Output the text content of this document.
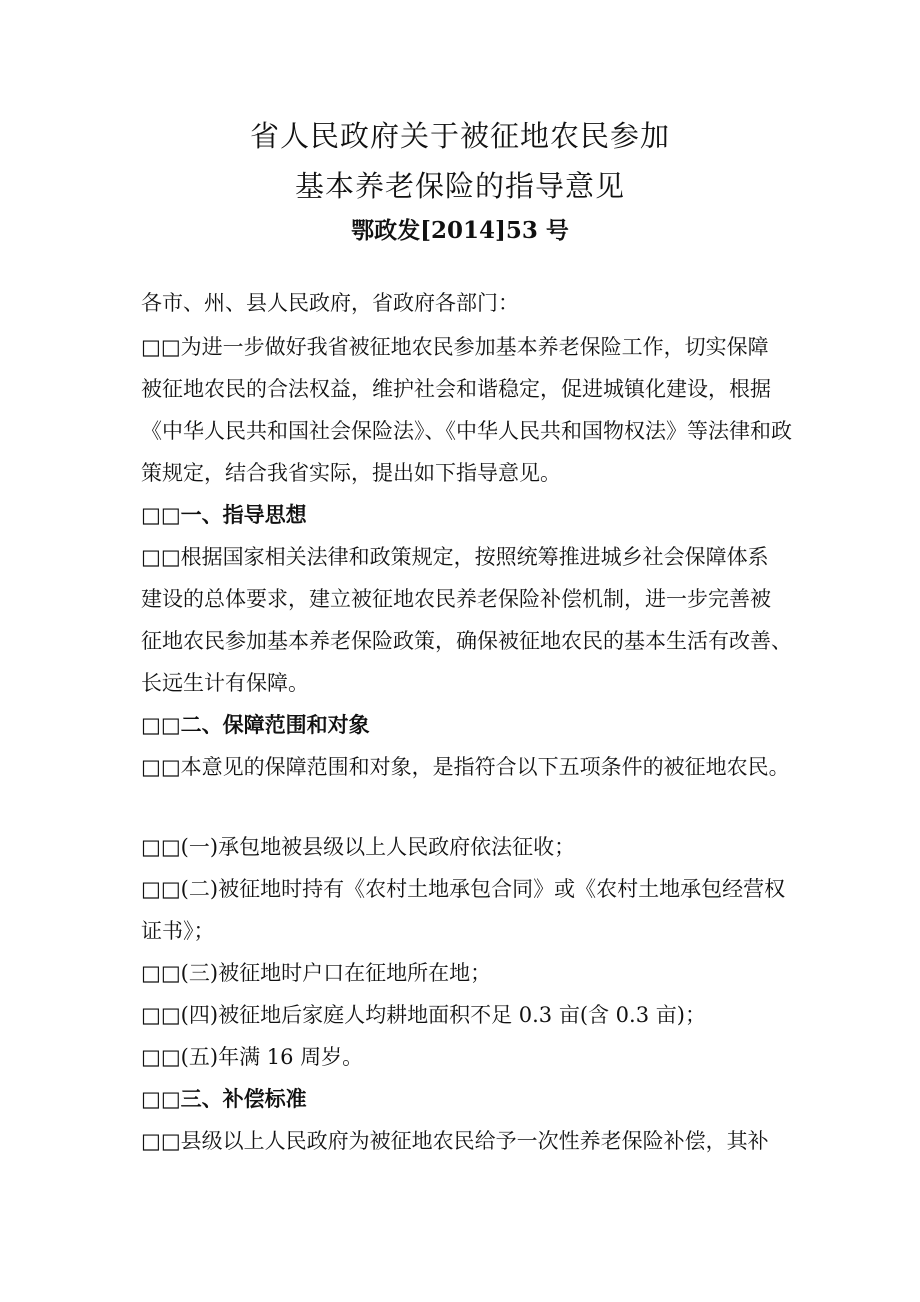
省人民政府关于被征地农民参加
基本养老保险的指导意见
鄂政发[2014]53 号
各市、州、县人民政府，省政府各部门：
□□为进一步做好我省被征地农民参加基本养老保险工作，切实保障
被征地农民的合法权益，维护社会和谐稳定，促进城镇化建设，根据
《中华人民共和国社会保险法》、《中华人民共和国物权法》等法律和政
策规定，结合我省实际，提出如下指导意见。
□□一、指导思想
□□根据国家相关法律和政策规定，按照统筹推进城乡社会保障体系
建设的总体要求，建立被征地农民养老保险补偿机制，进一步完善被
征地农民参加基本养老保险政策，确保被征地农民的基本生活有改善、
长远生计有保障。
□□二、保障范围和对象
□□本意见的保障范围和对象，是指符合以下五项条件的被征地农民。
□□(一)承包地被县级以上人民政府依法征收；
□□(二)被征地时持有《农村土地承包合同》或《农村土地承包经营权
证书》；
□□(三)被征地时户口在征地所在地；
□□(四)被征地后家庭人均耕地面积不足 0.3 亩(含 0.3 亩)；
□□(五)年满 16 周岁。
□□三、补偿标准
□□县级以上人民政府为被征地农民给予一次性养老保险补偿，其补
